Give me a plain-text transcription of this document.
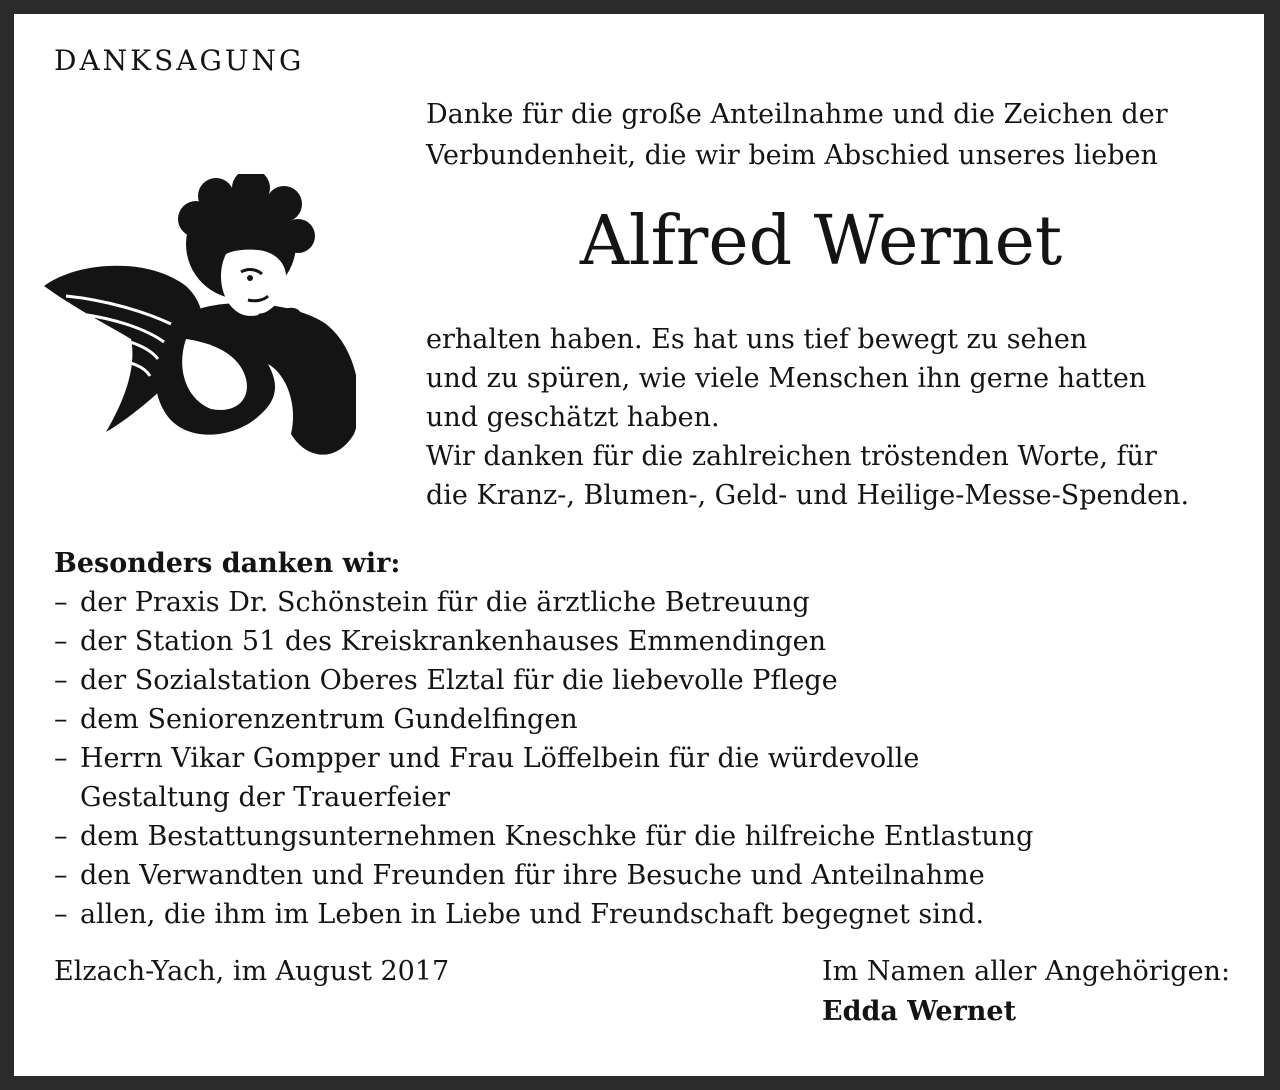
DANKSAGUNG
Danke für die große Anteilnahme und die Zeichen der
Verbundenheit, die wir beim Abschied unseres lieben
Alfred Wernet
erhalten haben. Es hat uns tief bewegt zu sehen
und zu spüren, wie viele Menschen ihn gerne hatten
und geschätzt haben.
Wir danken für die zahlreichen tröstenden Worte, für
die Kranz-, Blumen-, Geld- und Heilige-Messe-Spenden.
Besonders danken wir:
– der Praxis Dr. Schönstein für die ärztliche Betreuung
– der Station 51 des Kreiskrankenhauses Emmendingen
– der Sozialstation Oberes Elztal für die liebevolle Pflege
– dem Seniorenzentrum Gundelfingen
– Herrn Vikar Gompper und Frau Löffelbein für die würdevolle Gestaltung der Trauerfeier
– dem Bestattungsunternehmen Kneschke für die hilfreiche Entlastung
– den Verwandten und Freunden für ihre Besuche und Anteilnahme
– allen, die ihm im Leben in Liebe und Freundschaft begegnet sind.
Elzach-Yach, im August 2017	Im Namen aller Angehörigen:
Edda Wernet
